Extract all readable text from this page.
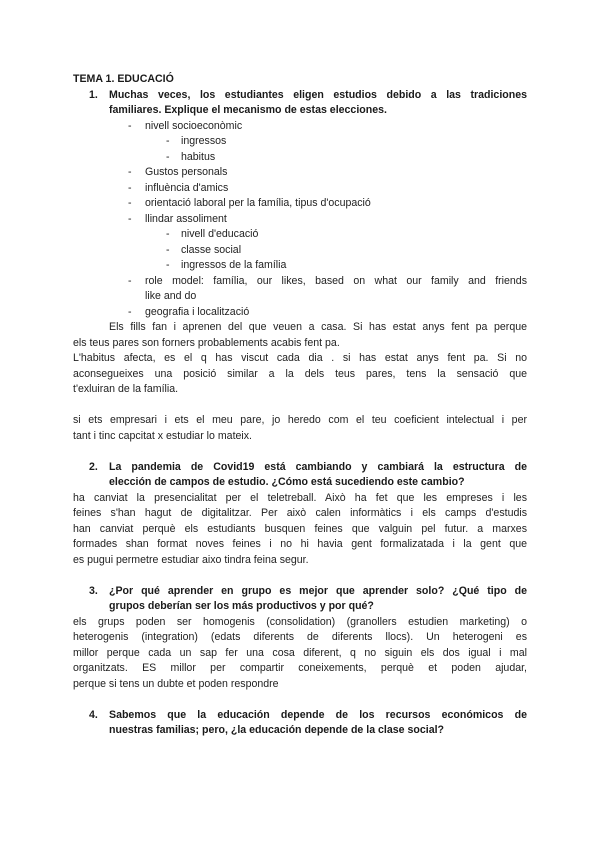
TEMA 1. EDUCACIÓ
1. Muchas veces, los estudiantes eligen estudios debido a las tradiciones
familiares. Explique el mecanismo de estas elecciones.
- nivell socioeconòmic
- ingressos
- habitus
- Gustos personals
- influència d'amics
- orientació laboral per la família, tipus d'ocupació
- llindar assoliment
- nivell d'educació
- classe social
- ingressos de la família
- role model: família, our likes, based on what our family and friends
like and do
- geografia i localització
Els fills fan i aprenen del que veuen a casa. Si has estat anys fent pa perque
els teus pares son forners probablements acabis fent pa.
L'habitus afecta, es el q has viscut cada dia . si has estat anys fent pa. Si no
aconsegueixes una posició similar a la dels teus pares, tens la sensació que
t'exluiran de la família.
si ets empresari i ets el meu pare, jo heredo com el teu coeficient intelectual i per
tant i tinc capcitat x estudiar lo mateix.
2. La pandemia de Covid19 está cambiando y cambiará la estructura de
elección de campos de estudio. ¿Cómo está sucediendo este cambio?
ha canviat la presencialitat per el teletreball. Això ha fet que les empreses i les
feines s'han hagut de digitalitzar. Per això calen informàtics i els camps d'estudis
han canviat perquè els estudiants busquen feines que valguin pel futur. a marxes
formades shan format noves feines i no hi havia gent formalizatada i la gent que
es pugui permetre estudiar aixo tindra feina segur.
3. ¿Por qué aprender en grupo es mejor que aprender solo? ¿Qué tipo de
grupos deberían ser los más productivos y por qué?
els grups poden ser homogenis (consolidation) (granollers estudien marketing) o
heterogenis (integration) (edats diferents de diferents llocs). Un heterogeni es
millor perque cada un sap fer una cosa diferent, q no siguin els dos igual i mal
organitzats. ES millor per compartir coneixements, perquè et poden ajudar,
perque si tens un dubte et poden respondre
4. Sabemos que la educación depende de los recursos económicos de
nuestras familias; pero, ¿la educación depende de la clase social?
